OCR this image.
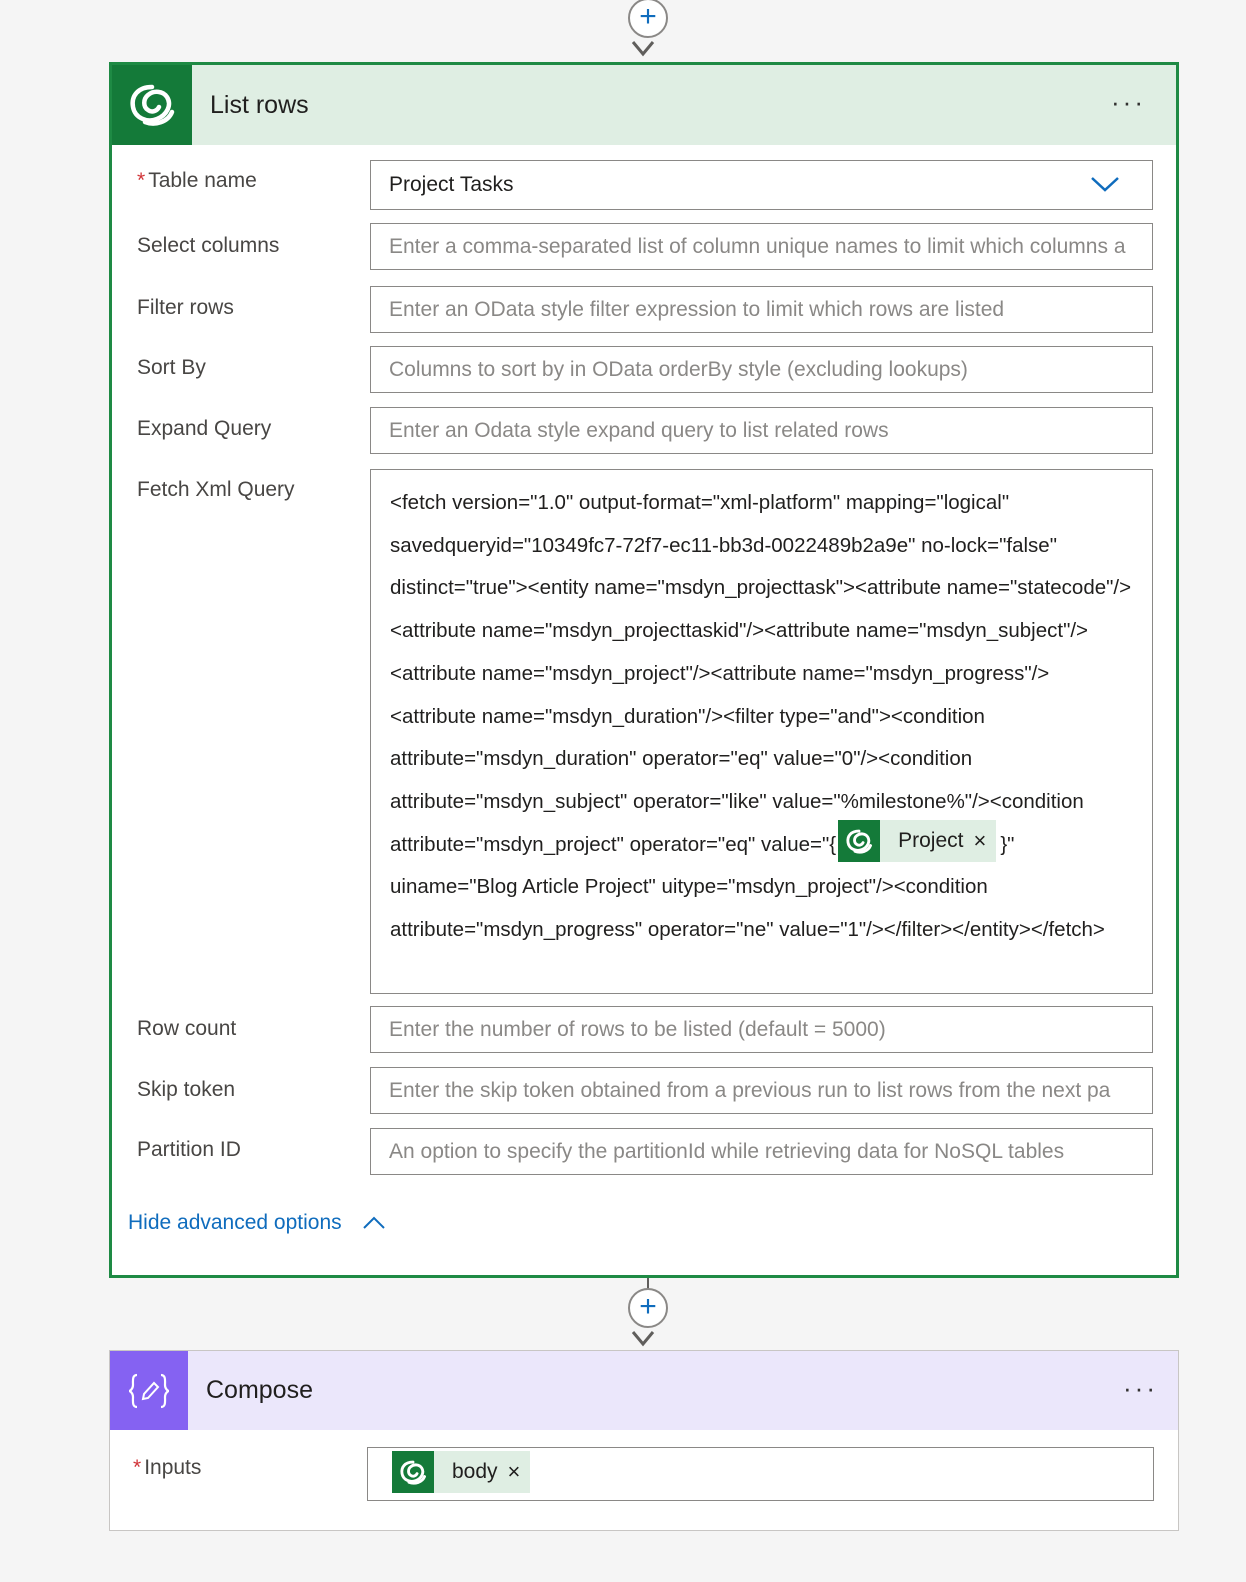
+
List rows	···
* Table name	Project Tasks
Select columns	Enter a comma-separated list of column unique names to limit which columns a
Filter rows	Enter an OData style filter expression to limit which rows are listed
Sort By	Columns to sort by in OData orderBy style (excluding lookups)
Expand Query	Enter an Odata style expand query to list related rows
Fetch Xml Query
<fetch version="1.0" output-format="xml-platform" mapping="logical" savedqueryid="10349fc7-72f7-ec11-bb3d-0022489b2a9e" no-lock="false" distinct="true"><entity name="msdyn_projecttask"><attribute name="statecode"/><attribute name="msdyn_projecttaskid"/><attribute name="msdyn_subject"/><attribute name="msdyn_project"/><attribute name="msdyn_progress"/><attribute name="msdyn_duration"/><filter type="and"><condition attribute="msdyn_duration" operator="eq" value="0"/><condition attribute="msdyn_subject" operator="like" value="%milestone%"/><condition attribute="msdyn_project" operator="eq" value="{	Project × }" uiname="Blog Article Project" uitype="msdyn_project"/><condition attribute="msdyn_progress" operator="ne" value="1"/></filter></entity></fetch>
Row count	Enter the number of rows to be listed (default = 5000)
Skip token	Enter the skip token obtained from a previous run to list rows from the next pa
Partition ID	An option to specify the partitionId while retrieving data for NoSQL tables
Hide advanced options
+
Compose	···
* Inputs	body ×
